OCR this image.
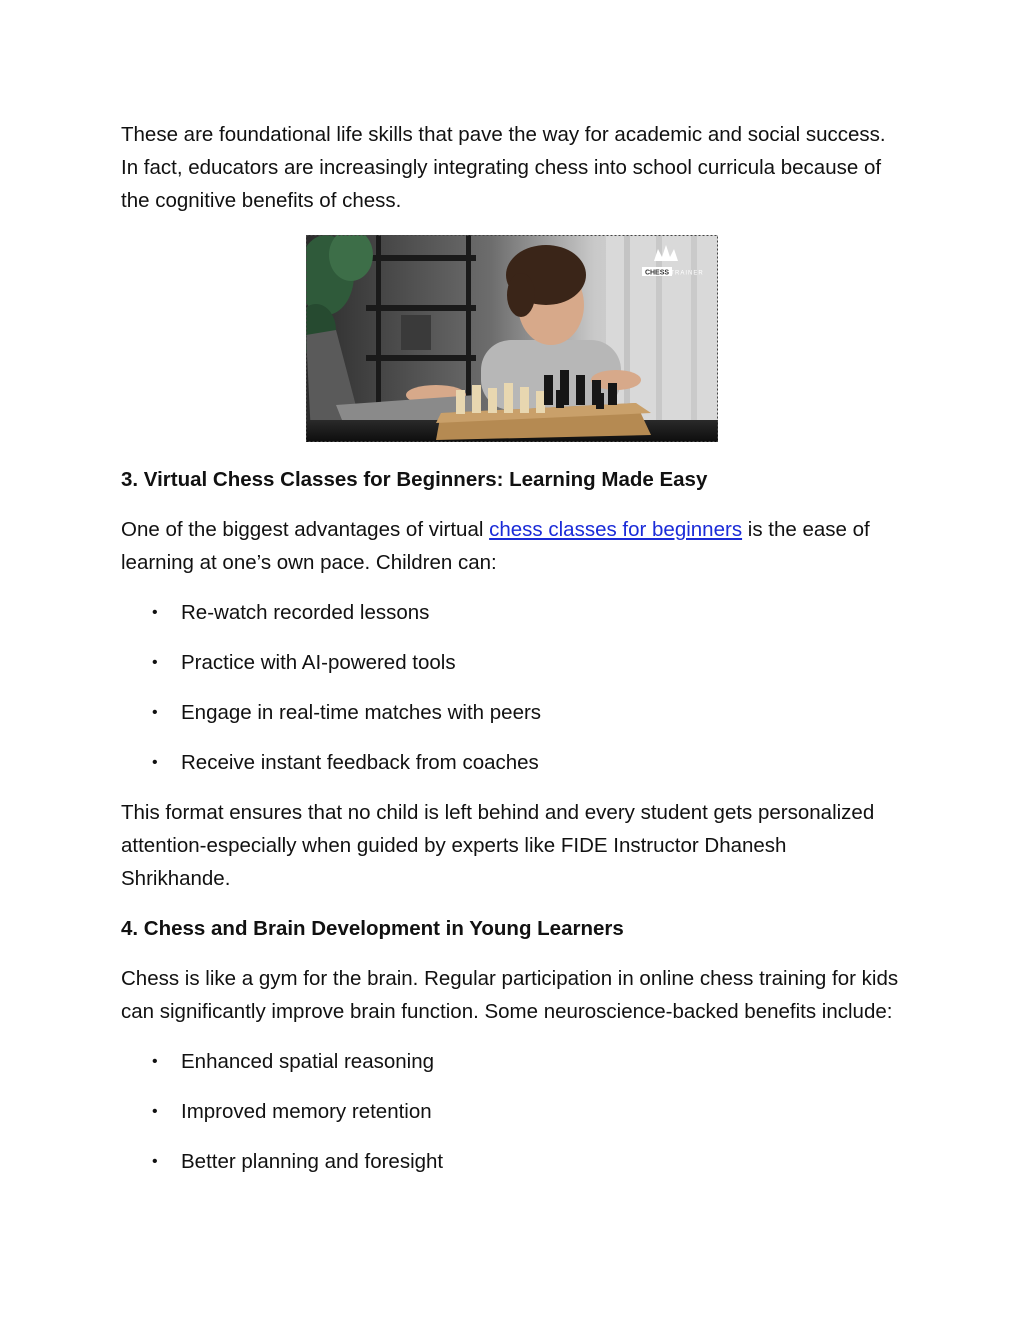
These are foundational life skills that pave the way for academic and social success. In fact, educators are increasingly integrating chess into school curricula because of the cognitive benefits of chess.

CHESS TRAINER

3. Virtual Chess Classes for Beginners: Learning Made Easy

One of the biggest advantages of virtual chess classes for beginners is the ease of learning at one’s own pace. Children can:

• Re-watch recorded lessons
• Practice with AI-powered tools
• Engage in real-time matches with peers
• Receive instant feedback from coaches

This format ensures that no child is left behind and every student gets personalized attention-especially when guided by experts like FIDE Instructor Dhanesh Shrikhande.

4. Chess and Brain Development in Young Learners

Chess is like a gym for the brain. Regular participation in online chess training for kids can significantly improve brain function. Some neuroscience-backed benefits include:

• Enhanced spatial reasoning
• Improved memory retention
• Better planning and foresight
